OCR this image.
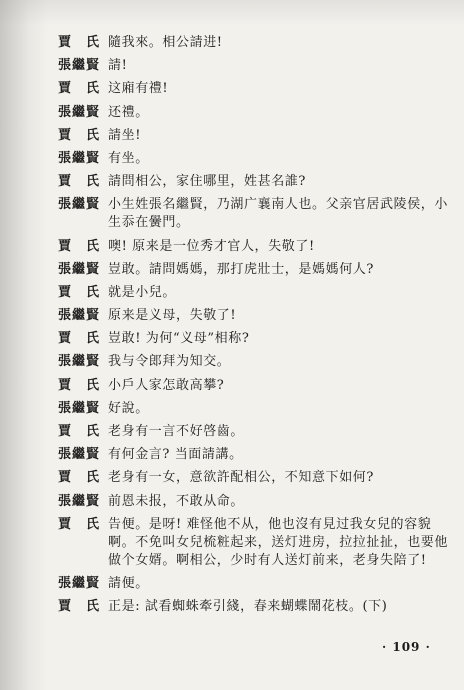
賈　氏 隨我來。相公請进!
張繼賢 請!
賈　氏 这廂有禮!
張繼賢 还禮。
賈　氏 請坐!
張繼賢 有坐。
賈　氏 請問相公，家住哪里，姓甚名誰?
張繼賢 小生姓張名繼賢，乃湖广襄南人也。父亲官居武陵侯，小生忝在黌門。
賈　氏 噢! 原来是一位秀才官人，失敬了!
張繼賢 豈敢。請問媽媽，那打虎壯士，是媽媽何人?
賈　氏 就是小兒。
張繼賢 原来是义母，失敬了!
賈　氏 豈敢! 为何“义母”相称?
張繼賢 我与令郎拜为知交。
賈　氏 小戶人家怎敢高攀?
張繼賢 好說。
賈　氏 老身有一言不好啓齒。
張繼賢 有何金言? 当面請講。
賈　氏 老身有一女，意欲許配相公，不知意下如何?
張繼賢 前恩未报，不敢从命。
賈　氏 告便。是呀! 难怪他不从，他也沒有見过我女兒的容貌啊。不免叫女兒梳粧起来，送灯进房，拉拉扯扯，也要他做个女婿。啊相公，少时有人送灯前来，老身失陪了!
張繼賢 請便。
賈　氏 正是: 試看蜘蛛牽引綫，春来蝴蝶鬧花枝。(下)
· 109 ·
